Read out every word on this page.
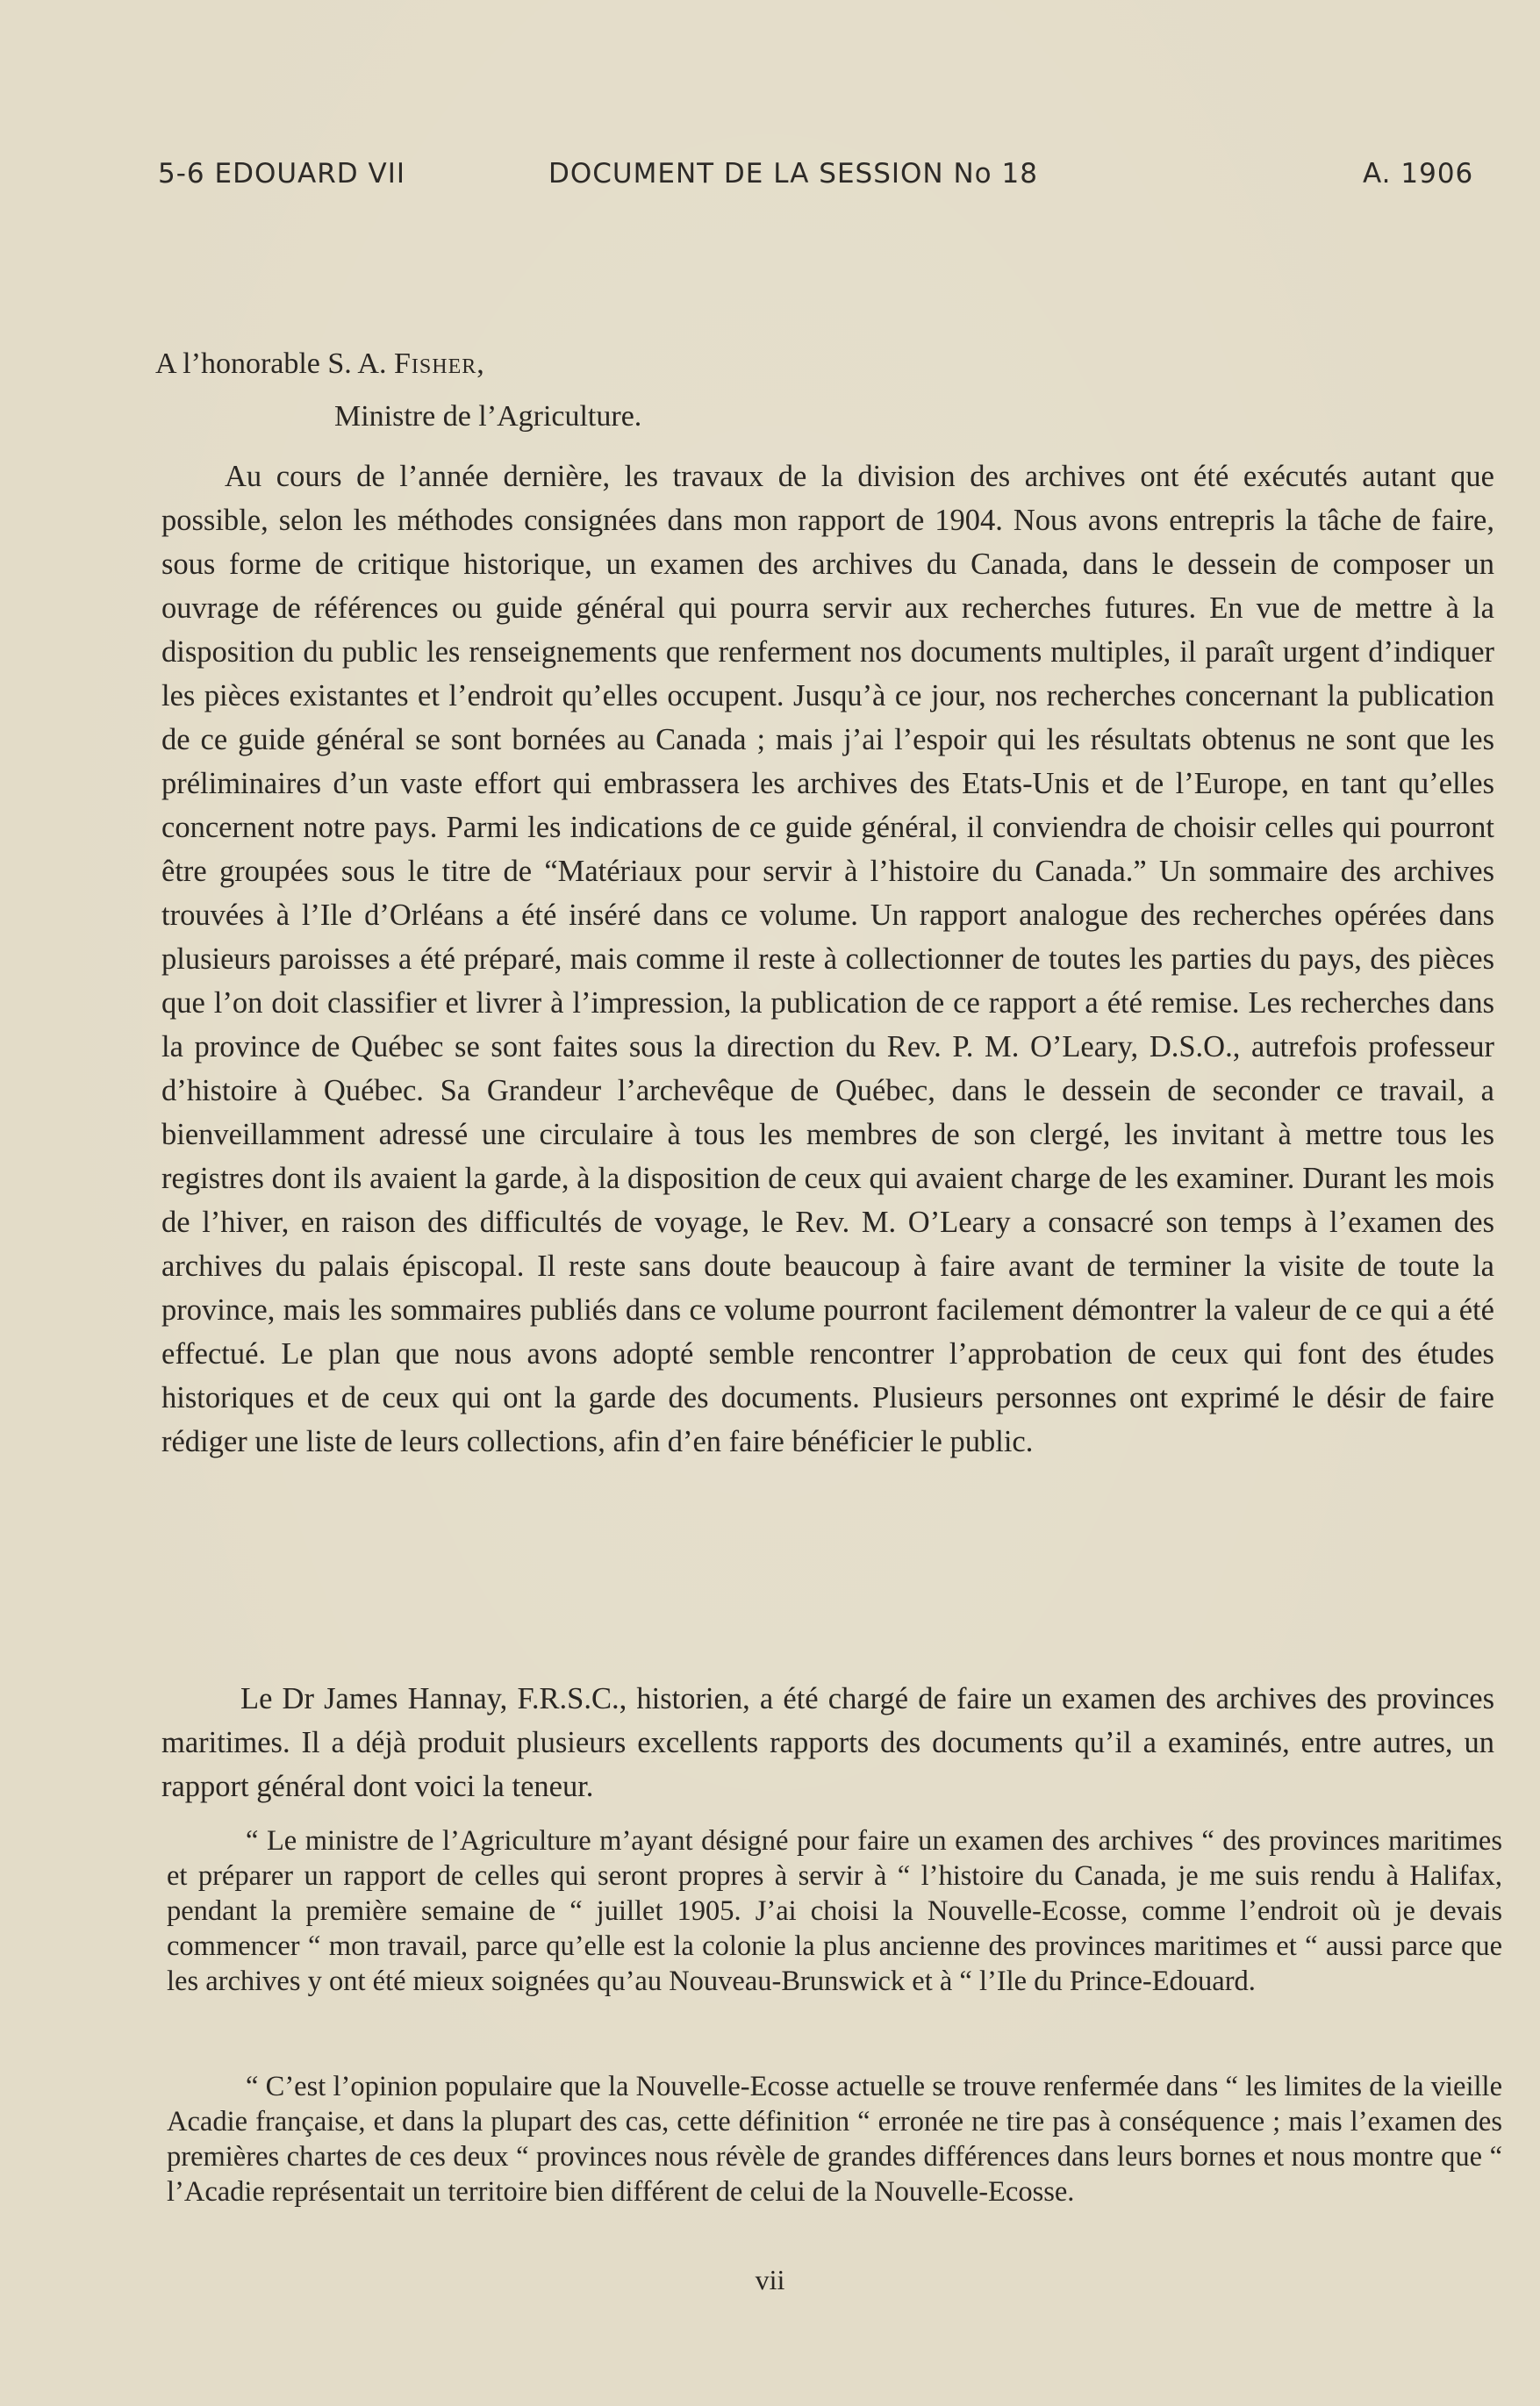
5-6 EDOUARD VII	DOCUMENT DE LA SESSION No 18	A. 1906
A l’honorable S. A. Fisher,
Ministre de l’Agriculture.

Au cours de l’année dernière, les travaux de la division des archives ont été exécutés autant que possible, selon les méthodes consignées dans mon rapport de 1904. Nous avons entrepris la tâche de faire, sous forme de critique historique, un examen des archives du Canada, dans le dessein de composer un ouvrage de références ou guide général qui pourra servir aux recherches futures. En vue de mettre à la disposition du public les renseignements que renferment nos documents multiples, il paraît urgent d’indiquer les pièces existantes et l’endroit qu’elles occupent. Jusqu’à ce jour, nos recherches concernant la publication de ce guide général se sont bornées au Canada ; mais j’ai l’espoir qui les résultats obtenus ne sont que les préliminaires d’un vaste effort qui embrassera les archives des Etats-Unis et de l’Europe, en tant qu’elles concernent notre pays. Parmi les indications de ce guide général, il conviendra de choisir celles qui pourront être groupées sous le titre de “Matériaux pour servir à l’histoire du Canada.” Un sommaire des archives trouvées à l’Ile d’Orléans a été inséré dans ce volume. Un rapport analogue des recherches opérées dans plusieurs paroisses a été préparé, mais comme il reste à collectionner de toutes les parties du pays, des pièces que l’on doit classifier et livrer à l’impression, la publication de ce rapport a été remise. Les recherches dans la province de Québec se sont faites sous la direction du Rev. P. M. O’Leary, D.S.O., autrefois professeur d’histoire à Québec. Sa Grandeur l’archevêque de Québec, dans le dessein de seconder ce travail, a bienveillamment adressé une circulaire à tous les membres de son clergé, les invitant à mettre tous les registres dont ils avaient la garde, à la disposition de ceux qui avaient charge de les examiner. Durant les mois de l’hiver, en raison des difficultés de voyage, le Rev. M. O’Leary a consacré son temps à l’examen des archives du palais épiscopal. Il reste sans doute beaucoup à faire avant de terminer la visite de toute la province, mais les sommaires publiés dans ce volume pourront facilement démontrer la valeur de ce qui a été effectué. Le plan que nous avons adopté semble rencontrer l’approbation de ceux qui font des études historiques et de ceux qui ont la garde des documents. Plusieurs personnes ont exprimé le désir de faire rédiger une liste de leurs collections, afin d’en faire bénéficier le public.

Le Dr James Hannay, F.R.S.C., historien, a été chargé de faire un examen des archives des provinces maritimes. Il a déjà produit plusieurs excellents rapports des documents qu’il a examinés, entre autres, un rapport général dont voici la teneur.

“ Le ministre de l’Agriculture m’ayant désigné pour faire un examen des archives “ des provinces maritimes et préparer un rapport de celles qui seront propres à servir à “ l’histoire du Canada, je me suis rendu à Halifax, pendant la première semaine de “ juillet 1905. J’ai choisi la Nouvelle-Ecosse, comme l’endroit où je devais commencer “ mon travail, parce qu’elle est la colonie la plus ancienne des provinces maritimes et “ aussi parce que les archives y ont été mieux soignées qu’au Nouveau-Brunswick et à “ l’Ile du Prince-Edouard.

“ C’est l’opinion populaire que la Nouvelle-Ecosse actuelle se trouve renfermée dans “ les limites de la vieille Acadie française, et dans la plupart des cas, cette définition “ erronée ne tire pas à conséquence ; mais l’examen des premières chartes de ces deux “ provinces nous révèle de grandes différences dans leurs bornes et nous montre que “ l’Acadie représentait un territoire bien différent de celui de la Nouvelle-Ecosse.

vii
